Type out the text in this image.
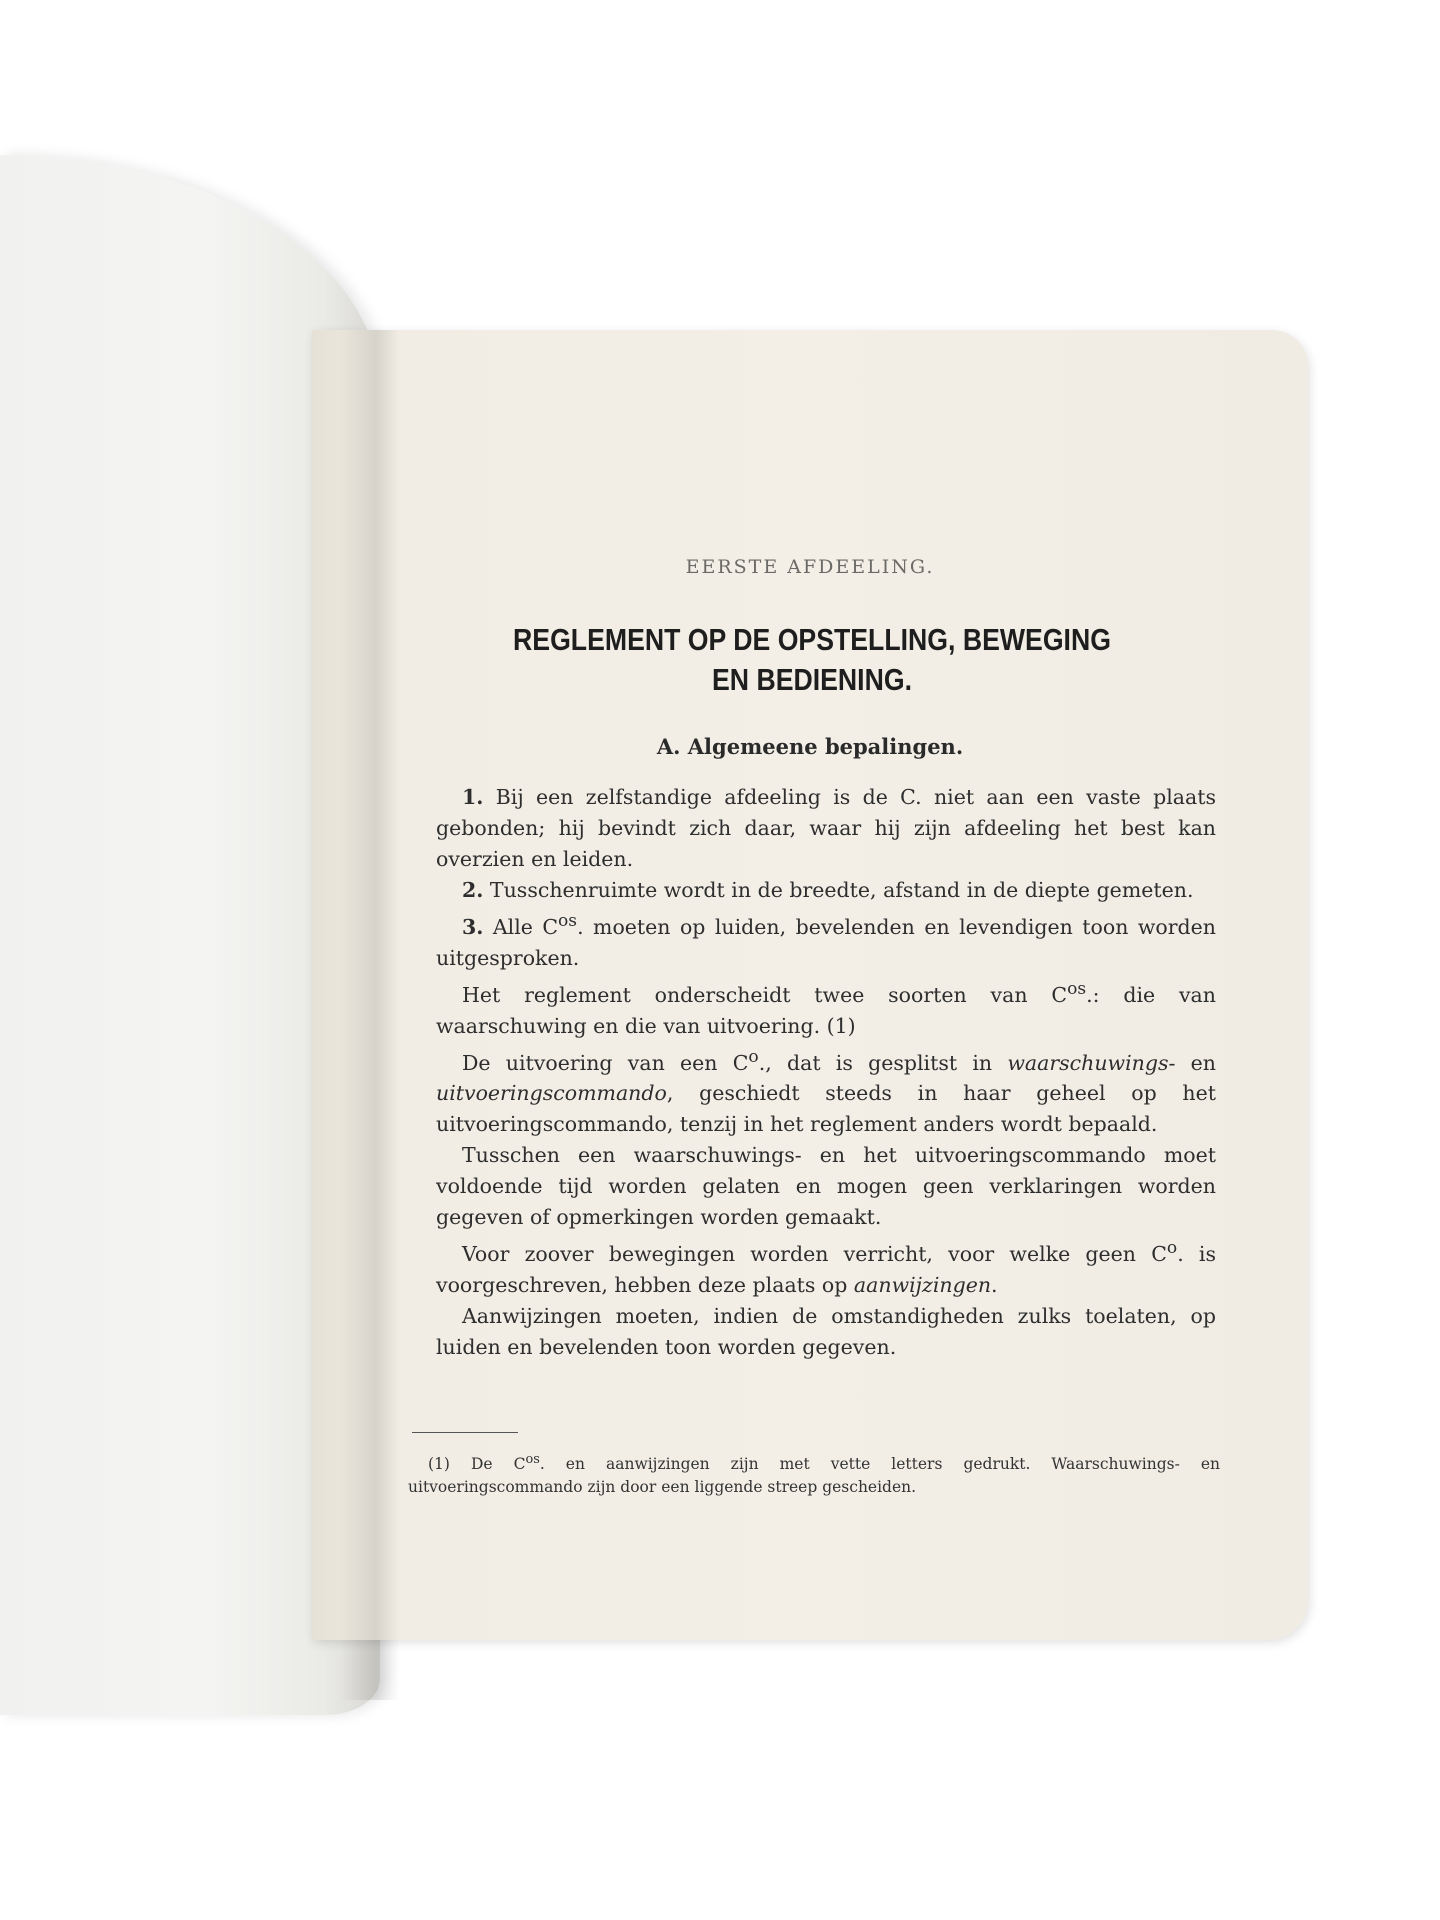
EERSTE AFDEELING.
REGLEMENT OP DE OPSTELLING, BEWEGING
EN BEDIENING.
A. Algemeene bepalingen.

1. Bij een zelfstandige afdeeling is de C. niet aan een vaste plaats gebonden; hij bevindt zich daar, waar hij zijn afdeeling het best kan overzien en leiden.

2. Tusschenruimte wordt in de breedte, afstand in de diepte gemeten.

3. Alle $C^{os}$. moeten op luiden, bevelenden en levendigen toon worden uitgesproken.

Het reglement onderscheidt twee soorten van $C^{os}$.: die van waarschuwing en die van uitvoering. (1)

De uitvoering van een $C^o$., dat is gesplitst in waarschuwings- en uitvoeringscommando, geschiedt steeds in haar geheel op het uitvoeringscommando, tenzij in het reglement anders wordt bepaald.

Tusschen een waarschuwings- en het uitvoeringscommando moet voldoende tijd worden gelaten en mogen geen verklaringen worden gegeven of opmerkingen worden gemaakt.

Voor zoover bewegingen worden verricht, voor welke geen $C^o$. is voorgeschreven, hebben deze plaats op aanwijzingen.

Aanwijzingen moeten, indien de omstandigheden zulks toelaten, op luiden en bevelenden toon worden gegeven.

(1) De $C^{os}$. en aanwijzingen zijn met vette letters gedrukt. Waarschuwings- en uitvoeringscommando zijn door een liggende streep gescheiden.
